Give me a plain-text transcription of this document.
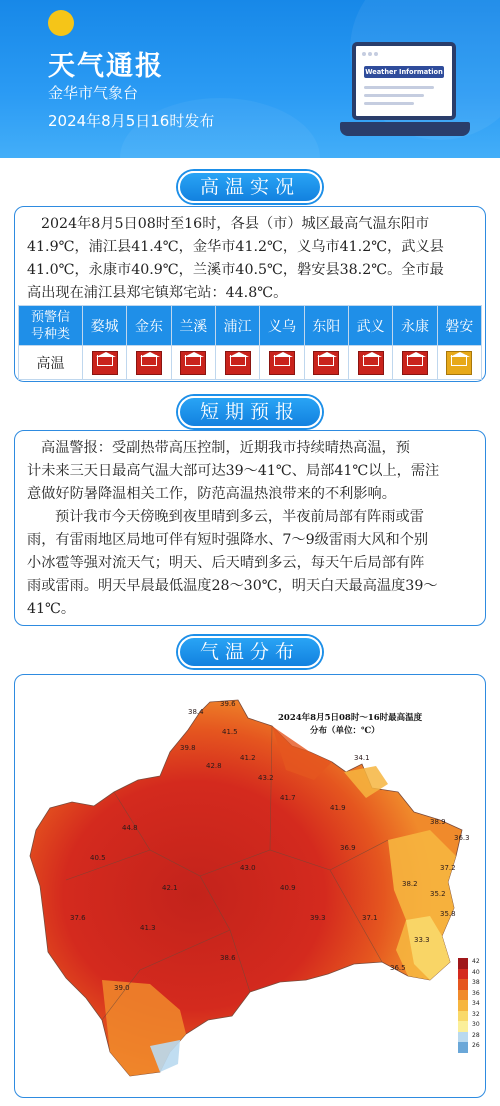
天气通报
金华市气象台
2024年8月5日16时发布
Weather Information
高温实况
2024年8月5日08时至16时，各县（市）城区最高气温东阳市
41.9℃，浦江县41.4℃，金华市41.2℃，义乌市41.2℃，武义县
41.0℃，永康市40.9℃，兰溪市40.5℃，磐安县38.2℃。全市最
高出现在浦江县郑宅镇郑宅站：44.8℃。
预警信
号种类	婺城	金东	兰溪	浦江	义乌	东阳	武义	永康	磐安
高温	

短期预报
高温警报：受副热带高压控制，近期我市持续晴热高温，预
计未来三天日最高气温大部可达39～41℃、局部41℃以上，需注
意做好防暑降温相关工作，防范高温热浪带来的不利影响。
预计我市今天傍晚到夜里晴到多云，半夜前局部有阵雨或雷
雨，有雷雨地区局地可伴有短时强降水、7～9级雷雨大风和个别
小冰雹等强对流天气；明天、后天晴到多云，每天午后局部有阵
雨或雷雨。明天早晨最低温度28～30℃，明天白天最高温度39～
41℃。
气温分布
39.6
38.4
41.5
39.8
42.8
41.2
43.2
34.1
38.9
36.3
37.2
35.2
38.2
41.7
44.8
40.5
42.1
43.0
36.9
39.3
38.6
37.1
41.3
33.3
40.9
36.5
39.0
41.9
37.6	35.8
2024年8月5日08时～16时最高温度
分布（单位：℃）
42
40
38
36
34
32
30
28
26
